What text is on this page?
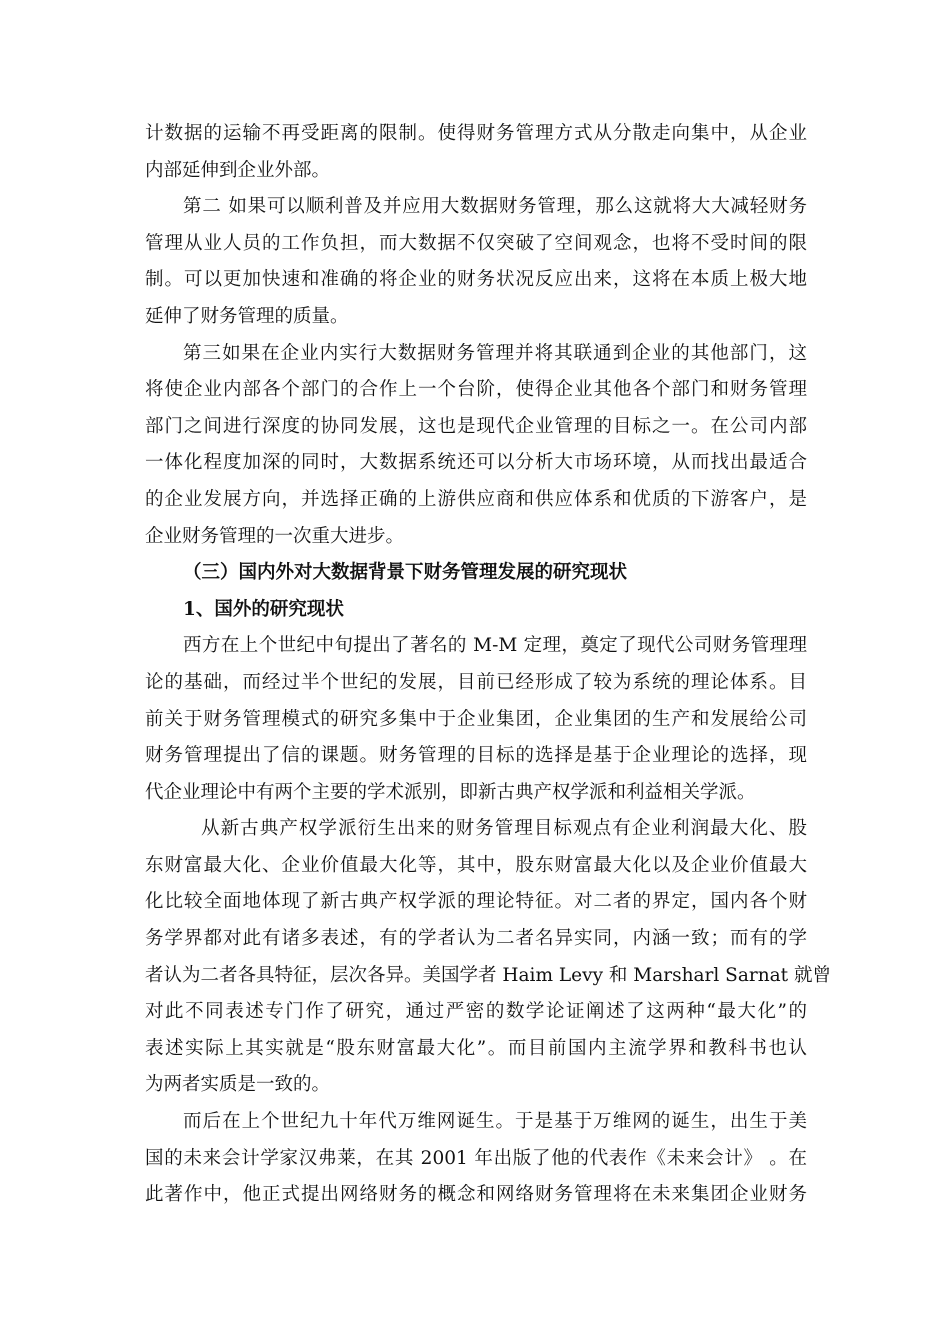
计数据的运输不再受距离的限制。使得财务管理方式从分散走向集中，从企业
内部延伸到企业外部。
第二 如果可以顺利普及并应用大数据财务管理，那么这就将大大减轻财务
管理从业人员的工作负担，而大数据不仅突破了空间观念，也将不受时间的限
制。可以更加快速和准确的将企业的财务状况反应出来，这将在本质上极大地
延伸了财务管理的质量。
第三如果在企业内实行大数据财务管理并将其联通到企业的其他部门，这
将使企业内部各个部门的合作上一个台阶，使得企业其他各个部门和财务管理
部门之间进行深度的协同发展，这也是现代企业管理的目标之一。在公司内部
一体化程度加深的同时，大数据系统还可以分析大市场环境，从而找出最适合
的企业发展方向，并选择正确的上游供应商和供应体系和优质的下游客户，是
企业财务管理的一次重大进步。
（三）国内外对大数据背景下财务管理发展的研究现状
1、国外的研究现状
西方在上个世纪中旬提出了著名的 M-M 定理，奠定了现代公司财务管理理
论的基础，而经过半个世纪的发展，目前已经形成了较为系统的理论体系。目
前关于财务管理模式的研究多集中于企业集团，企业集团的生产和发展给公司
财务管理提出了信的课题。财务管理的目标的选择是基于企业理论的选择，现
代企业理论中有两个主要的学术派别，即新古典产权学派和利益相关学派。
从新古典产权学派衍生出来的财务管理目标观点有企业利润最大化、股
东财富最大化、企业价值最大化等，其中，股东财富最大化以及企业价值最大
化比较全面地体现了新古典产权学派的理论特征。对二者的界定，国内各个财
务学界都对此有诸多表述，有的学者认为二者名异实同，内涵一致；而有的学
者认为二者各具特征，层次各异。美国学者 Haim Levy 和 Marsharl Sarnat 就曾
对此不同表述专门作了研究，通过严密的数学论证阐述了这两种“最大化”的
表述实际上其实就是“股东财富最大化”。而目前国内主流学界和教科书也认
为两者实质是一致的。
而后在上个世纪九十年代万维网诞生。于是基于万维网的诞生，出生于美
国的未来会计学家汉弗莱，在其 2001 年出版了他的代表作《未来会计》 。在
此著作中，他正式提出网络财务的概念和网络财务管理将在未来集团企业财务
